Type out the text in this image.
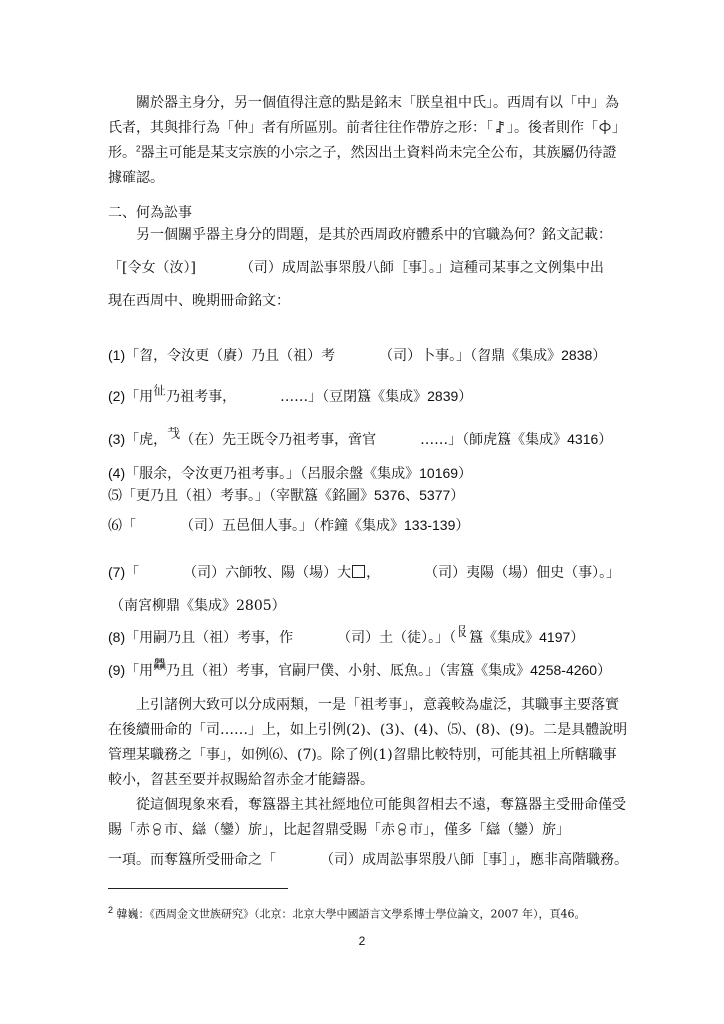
關於器主身分，另一個值得注意的點是銘末「朕皇祖中氏」。西周有以「中」為氏者，其與排行為「仲」者有所區別。前者往往作帶斿之形：「 」。後者則作「 」形。$^2$器主可能是某支宗族的小宗之子，然因出土資料尚未完全公布，其族屬仍待證據確認。

二、何為訟事

另一個關乎器主身分的問題，是其於西周政府體系中的官職為何？銘文記載：

「[令女（汝）]	（司）成周訟事眔殷八師［事］。」這種司某事之文例集中出

現在西周中、晚期冊命銘文：

(1)「曶，令汝更（賡）乃且（祖）考	（司）卜事。」（曶鼎《集成》2838）

(2)「用𢓊乃祖考事，	……」（豆閉簋《集成》2839）

(3)「虎，𢦏（在）先王既令乃祖考事，啻官	……」（師虎簋《集成》4316）

(4)「服余，令汝更乃祖考事。」（呂服余盤《集成》10169）

⑸「更乃且（祖）考事。」（宰獸簋《銘圖》5376、5377）

⑹「	（司）五邑佃人事。」（柞鐘《集成》133-139）

(7)「	（司）六師牧、陽（場）大 ，	（司）夷陽（場）佃史（事）。」

（南宮柳鼎《集成》2805）

(8)「用嗣乃且（祖）考事，作	（司）土（徒）。」（𠬝簋《集成》4197）

(9)「用𦧅乃且（祖）考事，官嗣尸僕、小射、厎魚。」（害簋《集成》4258-4260）

上引諸例大致可以分成兩類，一是「祖考事」，意義較為虛泛，其職事主要落實在後續冊命的「司……」上，如上引例(2)、(3)、(4)、⑸、(8)、(9)。二是具體說明管理某職務之「事」，如例⑹、(7)。除了例(1)曶鼎比較特別，可能其祖上所轄職事較小，曶甚至要并叔賜給曶赤金才能鑄器。

從這個現象來看，奪簋器主其社經地位可能與曶相去不遠，奪簋器主受冊命僅受賜「赤 市、䜌（鑾）旂」，比起曶鼎受賜「赤 市」，僅多「䜌（鑾）旂」

一項。而奪簋所受冊命之「	（司）成周訟事眔殷八師［事］」，應非高階職務。

$^2$ 韓巍：《西周金文世族研究》（北京：北京大學中國語言文學系博士學位論文，2007 年），頁46。

2
